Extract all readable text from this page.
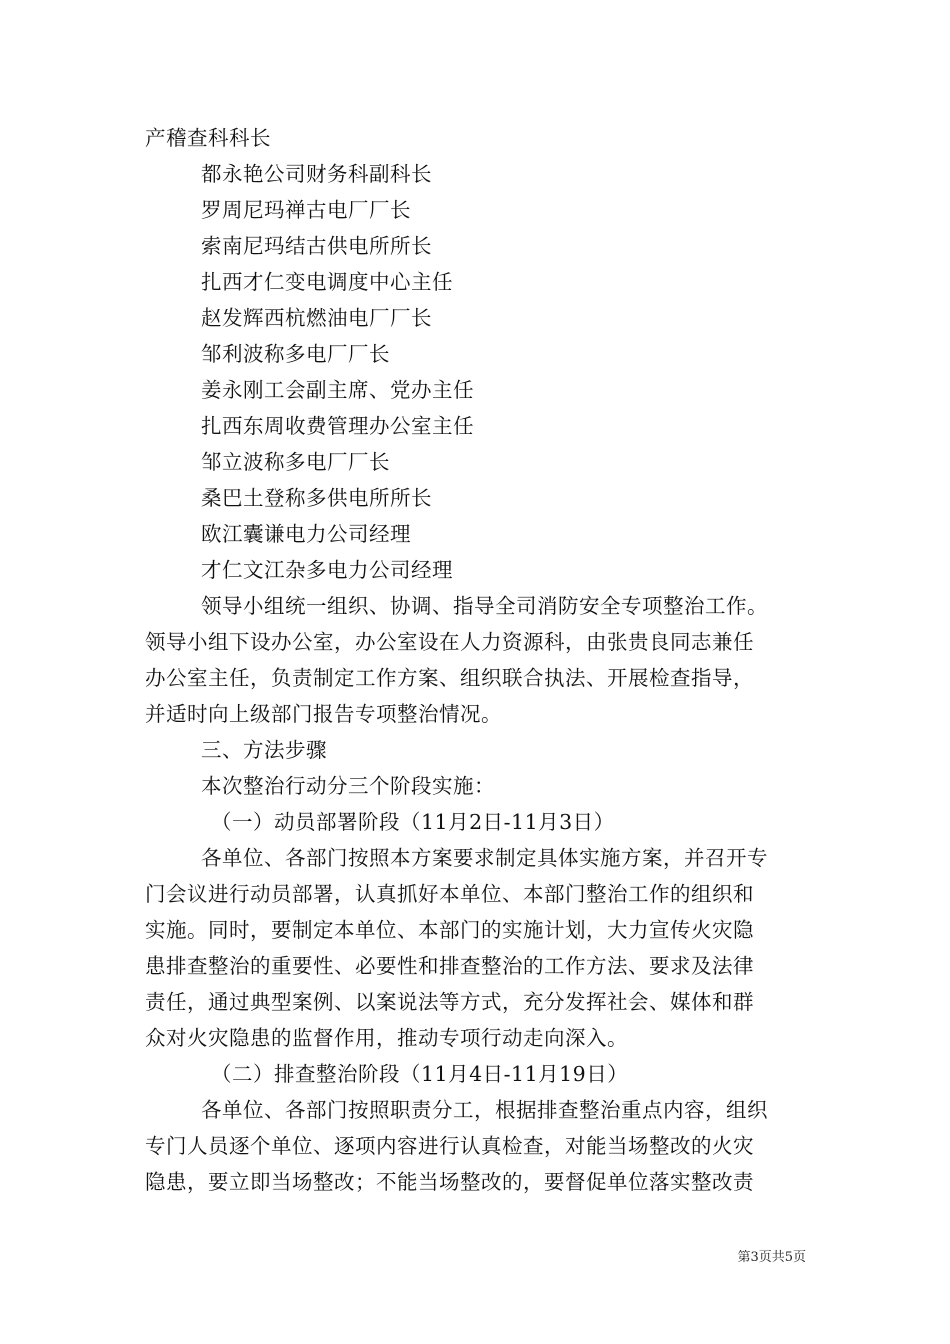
产稽查科科长
都永艳公司财务科副科长
罗周尼玛禅古电厂厂长
索南尼玛结古供电所所长
扎西才仁变电调度中心主任
赵发辉西杭燃油电厂厂长
邹利波称多电厂厂长
姜永刚工会副主席、党办主任
扎西东周收费管理办公室主任
邹立波称多电厂厂长
桑巴土登称多供电所所长
欧江囊谦电力公司经理
才仁文江杂多电力公司经理
领导小组统一组织、协调、指导全司消防安全专项整治工作。
领导小组下设办公室，办公室设在人力资源科，由张贵良同志兼任
办公室主任，负责制定工作方案、组织联合执法、开展检查指导，
并适时向上级部门报告专项整治情况。
三、方法步骤
本次整治行动分三个阶段实施：
（一）动员部署阶段（11月2日-11月3日）
各单位、各部门按照本方案要求制定具体实施方案，并召开专
门会议进行动员部署，认真抓好本单位、本部门整治工作的组织和
实施。同时，要制定本单位、本部门的实施计划，大力宣传火灾隐
患排查整治的重要性、必要性和排查整治的工作方法、要求及法律
责任，通过典型案例、以案说法等方式，充分发挥社会、媒体和群
众对火灾隐患的监督作用，推动专项行动走向深入。
（二）排查整治阶段（11月4日-11月19日）
各单位、各部门按照职责分工，根据排查整治重点内容，组织
专门人员逐个单位、逐项内容进行认真检查，对能当场整改的火灾
隐患，要立即当场整改；不能当场整改的，要督促单位落实整改责
第3页共5页
